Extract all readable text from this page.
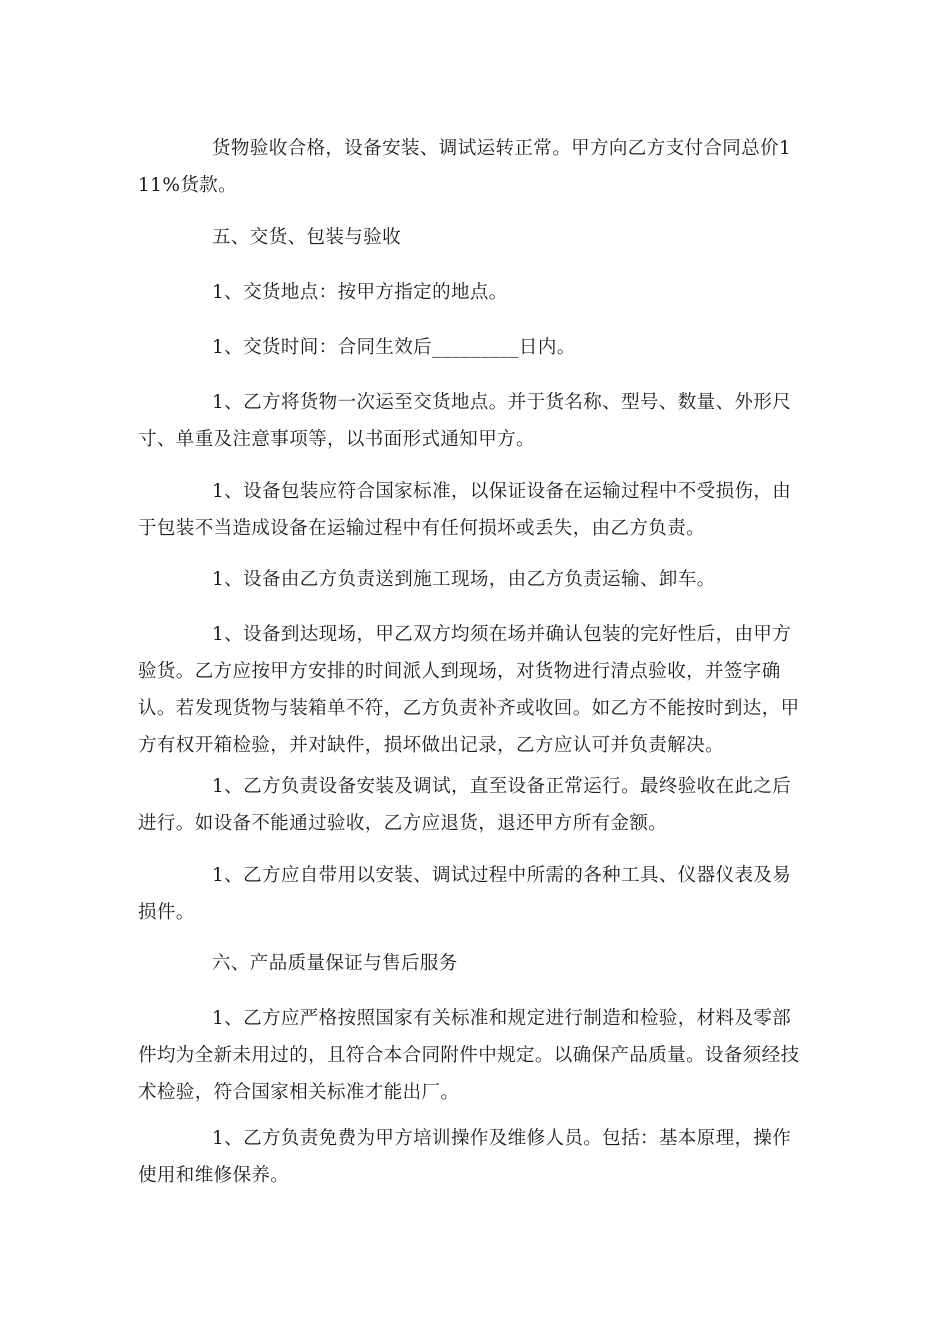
货物验收合格，设备安装、调试运转正常。甲方向乙方支付合同总价111%货款。

五、交货、包装与验收

1、交货地点：按甲方指定的地点。

1、交货时间：合同生效后_________日内。

1、乙方将货物一次运至交货地点。并于货名称、型号、数量、外形尺寸、单重及注意事项等，以书面形式通知甲方。

1、设备包装应符合国家标准，以保证设备在运输过程中不受损伤，由于包装不当造成设备在运输过程中有任何损坏或丢失，由乙方负责。

1、设备由乙方负责送到施工现场，由乙方负责运输、卸车。

1、设备到达现场，甲乙双方均须在场并确认包装的完好性后，由甲方验货。乙方应按甲方安排的时间派人到现场，对货物进行清点验收，并签字确认。若发现货物与装箱单不符，乙方负责补齐或收回。如乙方不能按时到达，甲方有权开箱检验，并对缺件，损坏做出记录，乙方应认可并负责解决。

1、乙方负责设备安装及调试，直至设备正常运行。最终验收在此之后进行。如设备不能通过验收，乙方应退货，退还甲方所有金额。

1、乙方应自带用以安装、调试过程中所需的各种工具、仪器仪表及易损件。

六、产品质量保证与售后服务

1、乙方应严格按照国家有关标准和规定进行制造和检验，材料及零部件均为全新未用过的，且符合本合同附件中规定。以确保产品质量。设备须经技术检验，符合国家相关标准才能出厂。

1、乙方负责免费为甲方培训操作及维修人员。包括：基本原理，操作使用和维修保养。
